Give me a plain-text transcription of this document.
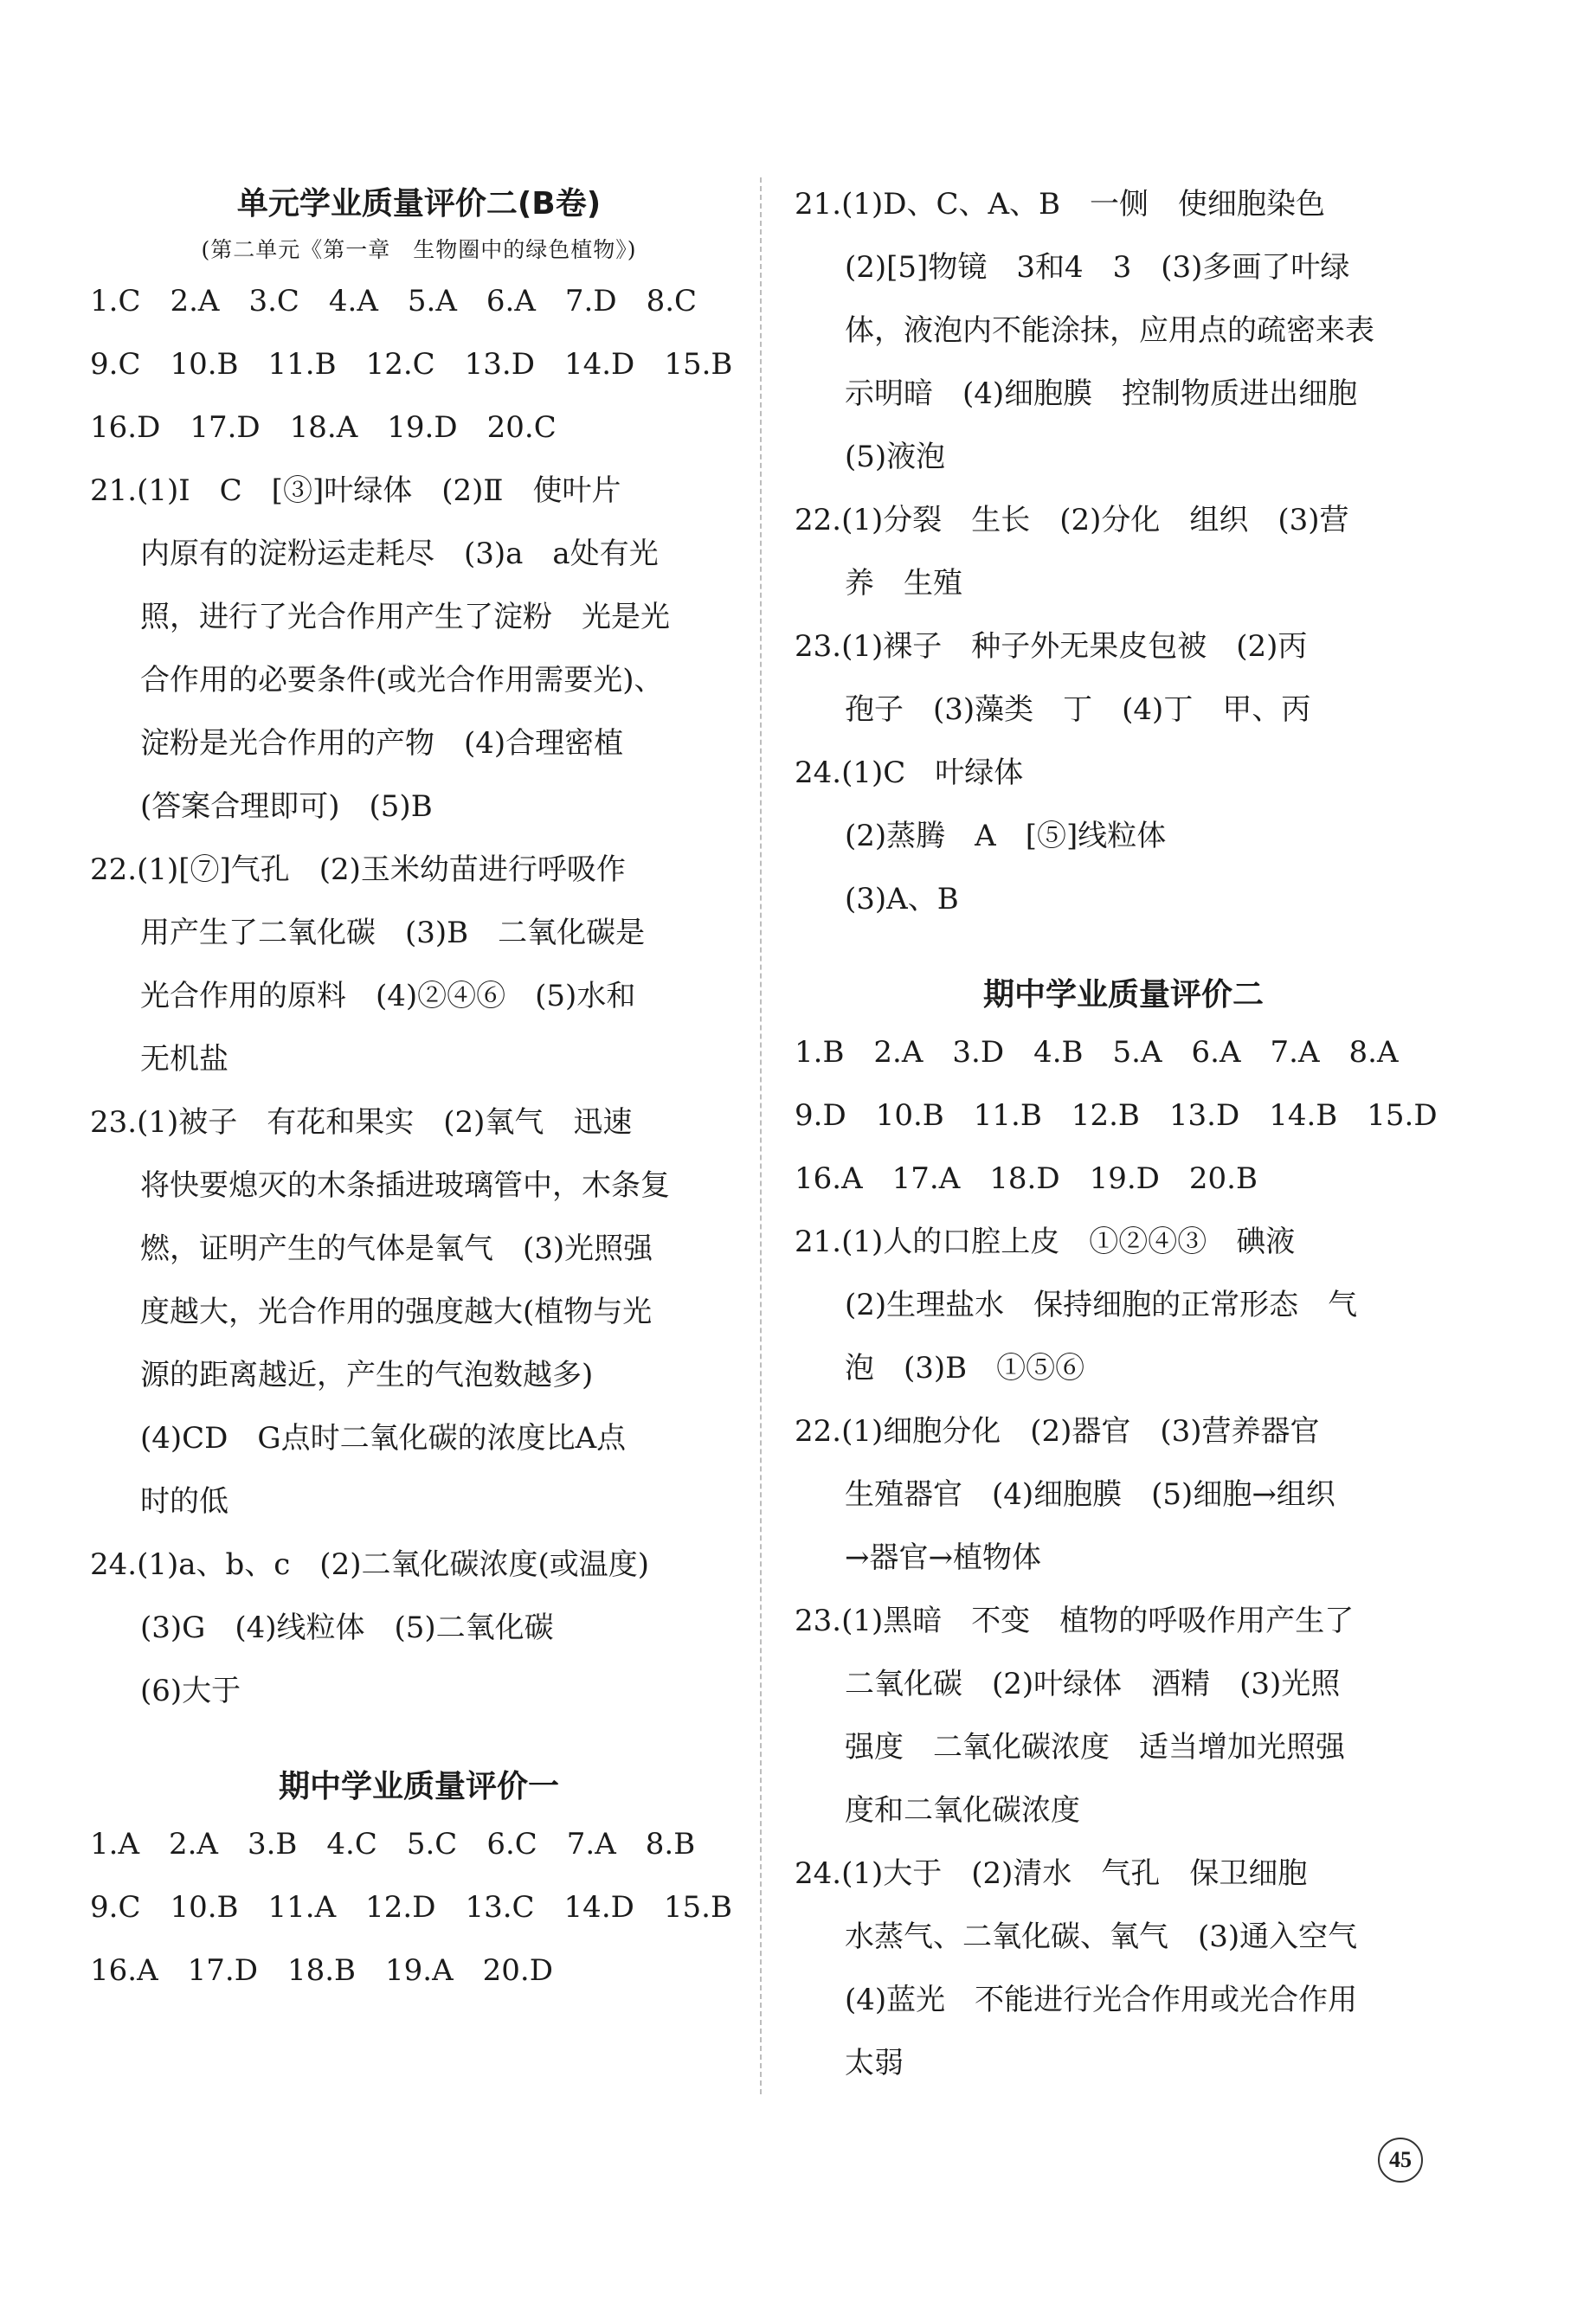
单元学业质量评价二(B卷)
(第二单元《第一章　生物圈中的绿色植物》)
1.C　2.A　3.C　4.A　5.A　6.A　7.D　8.C
9.C　10.B　11.B　12.C　13.D　14.D　15.B
16.D　17.D　18.A　19.D　20.C
21.(1)Ⅰ　C　[③]叶绿体　(2)Ⅱ　使叶片
内原有的淀粉运走耗尽　(3)a　a处有光
照，进行了光合作用产生了淀粉　光是光
合作用的必要条件(或光合作用需要光)、
淀粉是光合作用的产物　(4)合理密植
(答案合理即可)　(5)B
22.(1)[⑦]气孔　(2)玉米幼苗进行呼吸作
用产生了二氧化碳　(3)B　二氧化碳是
光合作用的原料　(4)②④⑥　(5)水和
无机盐
23.(1)被子　有花和果实　(2)氧气　迅速
将快要熄灭的木条插进玻璃管中，木条复
燃，证明产生的气体是氧气　(3)光照强
度越大，光合作用的强度越大(植物与光
源的距离越近，产生的气泡数越多)
(4)CD　G点时二氧化碳的浓度比A点
时的低
24.(1)a、b、c　(2)二氧化碳浓度(或温度)
(3)G　(4)线粒体　(5)二氧化碳
(6)大于
期中学业质量评价一
1.A　2.A　3.B　4.C　5.C　6.C　7.A　8.B
9.C　10.B　11.A　12.D　13.C　14.D　15.B
16.A　17.D　18.B　19.A　20.D
21.(1)D、C、A、B　一侧　使细胞染色
(2)[5]物镜　3和4　3　(3)多画了叶绿
体，液泡内不能涂抹，应用点的疏密来表
示明暗　(4)细胞膜　控制物质进出细胞
(5)液泡
22.(1)分裂　生长　(2)分化　组织　(3)营
养　生殖
23.(1)裸子　种子外无果皮包被　(2)丙
孢子　(3)藻类　丁　(4)丁　甲、丙
24.(1)C　叶绿体
(2)蒸腾　A　[⑤]线粒体
(3)A、B
期中学业质量评价二
1.B　2.A　3.D　4.B　5.A　6.A　7.A　8.A
9.D　10.B　11.B　12.B　13.D　14.B　15.D
16.A　17.A　18.D　19.D　20.B
21.(1)人的口腔上皮　①②④③　碘液
(2)生理盐水　保持细胞的正常形态　气
泡　(3)B　①⑤⑥
22.(1)细胞分化　(2)器官　(3)营养器官
生殖器官　(4)细胞膜　(5)细胞→组织
→器官→植物体
23.(1)黑暗　不变　植物的呼吸作用产生了
二氧化碳　(2)叶绿体　酒精　(3)光照
强度　二氧化碳浓度　适当增加光照强
度和二氧化碳浓度
24.(1)大于　(2)清水　气孔　保卫细胞
水蒸气、二氧化碳、氧气　(3)通入空气
(4)蓝光　不能进行光合作用或光合作用
太弱
45
